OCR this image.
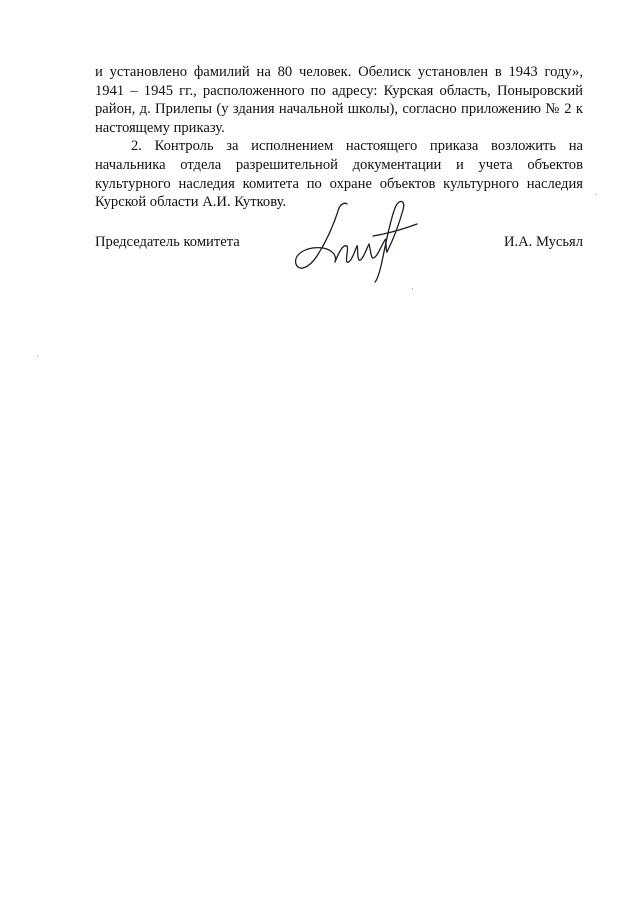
и установлено фамилий на 80 человек. Обелиск установлен в 1943 году», 1941 – 1945 гг., расположенного по адресу: Курская область, Поныровский район, д. Прилепы (у здания начальной школы), согласно приложению № 2 к настоящему приказу.

2. Контроль за исполнением настоящего приказа возложить на начальника отдела разрешительной документации и учета объектов культурного наследия комитета по охране объектов культурного наследия Курской области А.И. Куткову.

Председатель комитета	И.А. Мусьял
